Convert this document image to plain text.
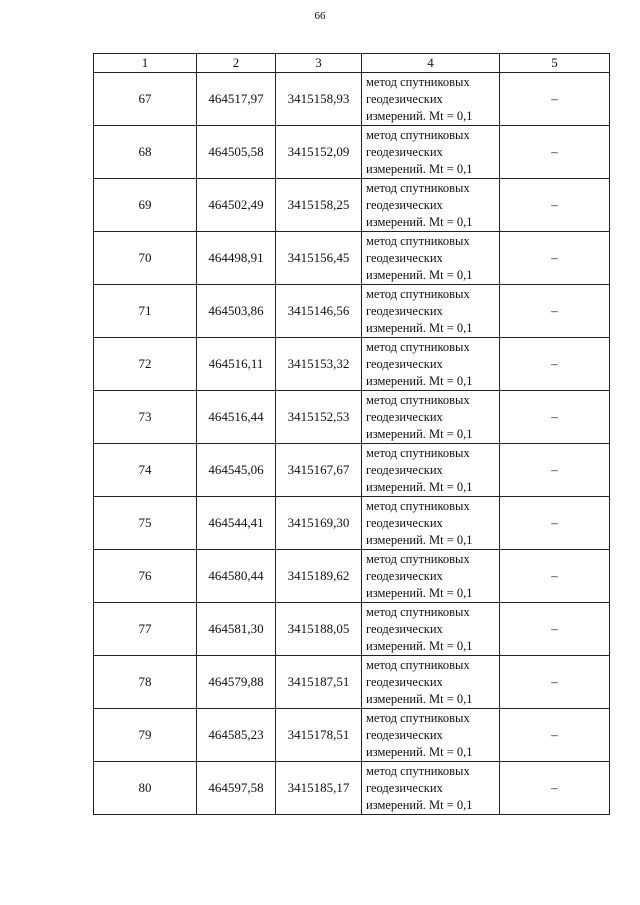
66
1	2	3	4	5
67	464517,97	3415158,93	метод спутниковых
геодезических
измерений. Mt = 0,1	–
68	464505,58	3415152,09	метод спутниковых
геодезических
измерений. Mt = 0,1	–
69	464502,49	3415158,25	метод спутниковых
геодезических
измерений. Mt = 0,1	–
70	464498,91	3415156,45	метод спутниковых
геодезических
измерений. Mt = 0,1	–
71	464503,86	3415146,56	метод спутниковых
геодезических
измерений. Mt = 0,1	–
72	464516,11	3415153,32	метод спутниковых
геодезических
измерений. Mt = 0,1	–
73	464516,44	3415152,53	метод спутниковых
геодезических
измерений. Mt = 0,1	–
74	464545,06	3415167,67	метод спутниковых
геодезических
измерений. Mt = 0,1	–
75	464544,41	3415169,30	метод спутниковых
геодезических
измерений. Mt = 0,1	–
76	464580,44	3415189,62	метод спутниковых
геодезических
измерений. Mt = 0,1	–
77	464581,30	3415188,05	метод спутниковых
геодезических
измерений. Mt = 0,1	–
78	464579,88	3415187,51	метод спутниковых
геодезических
измерений. Mt = 0,1	–
79	464585,23	3415178,51	метод спутниковых
геодезических
измерений. Mt = 0,1	–
80	464597,58	3415185,17	метод спутниковых
геодезических
измерений. Mt = 0,1	–
